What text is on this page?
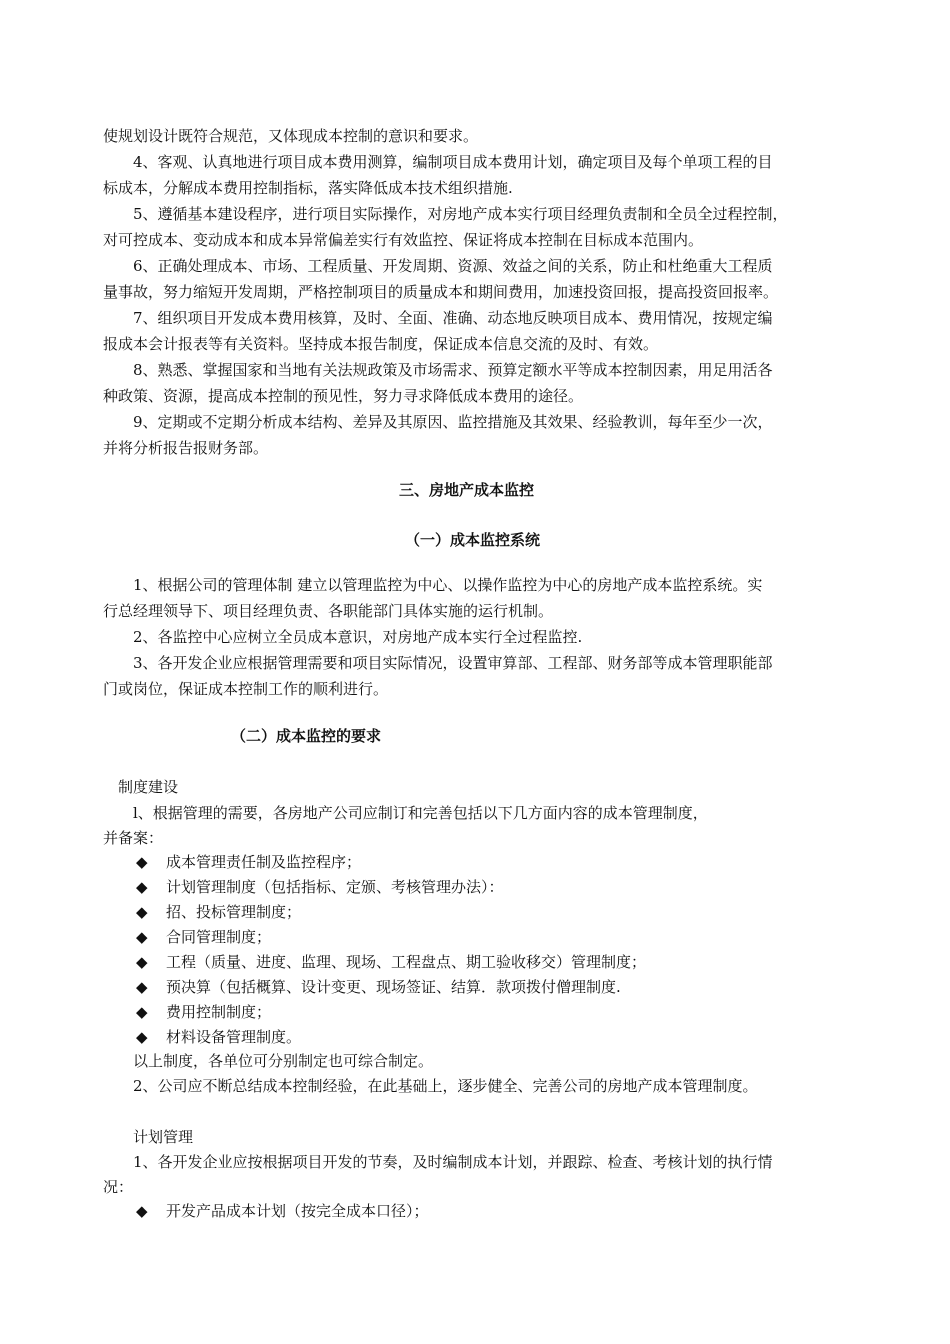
使规划设计既符合规范，又体现成本控制的意识和要求。
4、客观、认真地进行项目成本费用测算，编制项目成本费用计划，确定项目及每个单项工程的目
标成本，分解成本费用控制指标，落实降低成本技术组织措施.
5、遵循基本建设程序，进行项目实际操作，对房地产成本实行项目经理负责制和全员全过程控制，
对可控成本、变动成本和成本异常偏差实行有效监控、保证将成本控制在目标成本范围内。
6、正确处理成本、市场、工程质量、开发周期、资源、效益之间的关系，防止和杜绝重大工程质
量事故，努力缩短开发周期，严格控制项目的质量成本和期间费用，加速投资回报，提高投资回报率。
7、组织项目开发成本费用核算，及时、全面、准确、动态地反映项目成本、费用情况，按规定编
报成本会计报表等有关资料。坚持成本报告制度，保证成本信息交流的及时、有效。
8、熟悉、掌握国家和当地有关法规政策及市场需求、预算定额水平等成本控制因素，用足用活各
种政策、资源，提高成本控制的预见性，努力寻求降低成本费用的途径。
9、定期或不定期分析成本结构、差异及其原因、监控措施及其效果、经验教训，每年至少一次，
并将分析报告报财务部。
三、房地产成本监控
（一）成本监控系统
1、根据公司的管理体制 建立以管理监控为中心、以操作监控为中心的房地产成本监控系统。实
行总经理领导下、项目经理负责、各职能部门具体实施的运行机制。
2、各监控中心应树立全员成本意识，对房地产成本实行全过程监控.
3、各开发企业应根据管理需要和项目实际情况，设置审算部、工程部、财务部等成本管理职能部
门或岗位，保证成本控制工作的顺利进行。
（二）成本监控的要求
制度建设
l、根据管理的需要，各房地产公司应制订和完善包括以下几方面内容的成本管理制度，
并备案：
◆ 成本管理责任制及监控程序；
◆ 计划管理制度（包括指标、定颁、考核管理办法）：
◆ 招、投标管理制度；
◆ 合同管理制度；
◆ 工程（质量、进度、监理、现场、工程盘点、期工验收移交）管理制度；
◆ 预决算（包括概算、设计变更、现场签证、结算．款项拨付僧理制度.
◆ 费用控制制度；
◆ 材料设备管理制度。
以上制度，各单位可分别制定也可综合制定。
2、公司应不断总结成本控制经验，在此基础上，逐步健全、完善公司的房地产成本管理制度。
计划管理
1、各开发企业应按根据项目开发的节奏，及时编制成本计划，并跟踪、检查、考核计划的执行情
况：
◆ 开发产品成本计划（按完全成本口径）；
